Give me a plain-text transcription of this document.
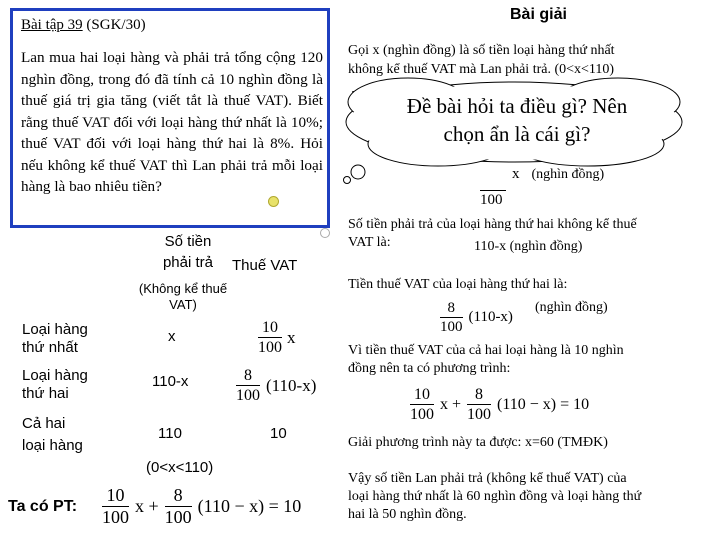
Bài tập 39 (SGK/30)
Lan mua hai loại hàng và phải trả tổng cộng 120 nghìn đồng, trong đó đã tính cả 10 nghìn đồng là thuế giá trị gia tăng (viết tắt là thuế VAT). Biết rằng thuế VAT đối với loại hàng thứ nhất là 10%; thuế VAT đối với loại hàng thứ hai là 8%. Hỏi nếu không kể thuế VAT thì Lan phải trả mỗi loại hàng là bao nhiêu tiền?
Số tiền
phải trả	Thuế VAT
(Không kể thuế VAT)
Loại hàng
thứ nhất
x	$\frac{10}{100}$ x
Loại hàng
thứ hai
110-x	$\frac{8}{100} (110-x)$
Cả hai
loại hàng
110	10
(0<x<110)
Ta có PT: $\frac{10}{100}$ $x + \frac{8}{100} (110 - x) = 10$
Bài giải
Gọi x (nghìn đồng) là số tiền loại hàng thứ nhất
không kể thuế VAT mà Lan phải trả. (0<x<110)
x (nghìn đồng)
100
Số tiền phải trả của loại hàng thứ hai không kể thuế
VAT là:	110-x (nghìn đồng)
Tiền thuế VAT của loại hàng thứ hai là:
$\frac{8}{100} (110-x)$
(nghìn đồng)
Vì tiền thuế VAT của cả hai loại hàng là 10 nghìn
đồng nên ta có phương trình:
$\frac{10}{100}$ $x + \frac{8}{100} (110 - x) = 10$
Giải phương trình này ta được: x=60 (TMĐK)
Vậy số tiền Lan phải trả (không kể thuế VAT) của
loại hàng thứ nhất là 60 nghìn đồng và loại hàng thứ
hai là 50 nghìn đồng.
Đề bài hỏi ta điều gì? Nên
chọn ẩn là cái gì?
